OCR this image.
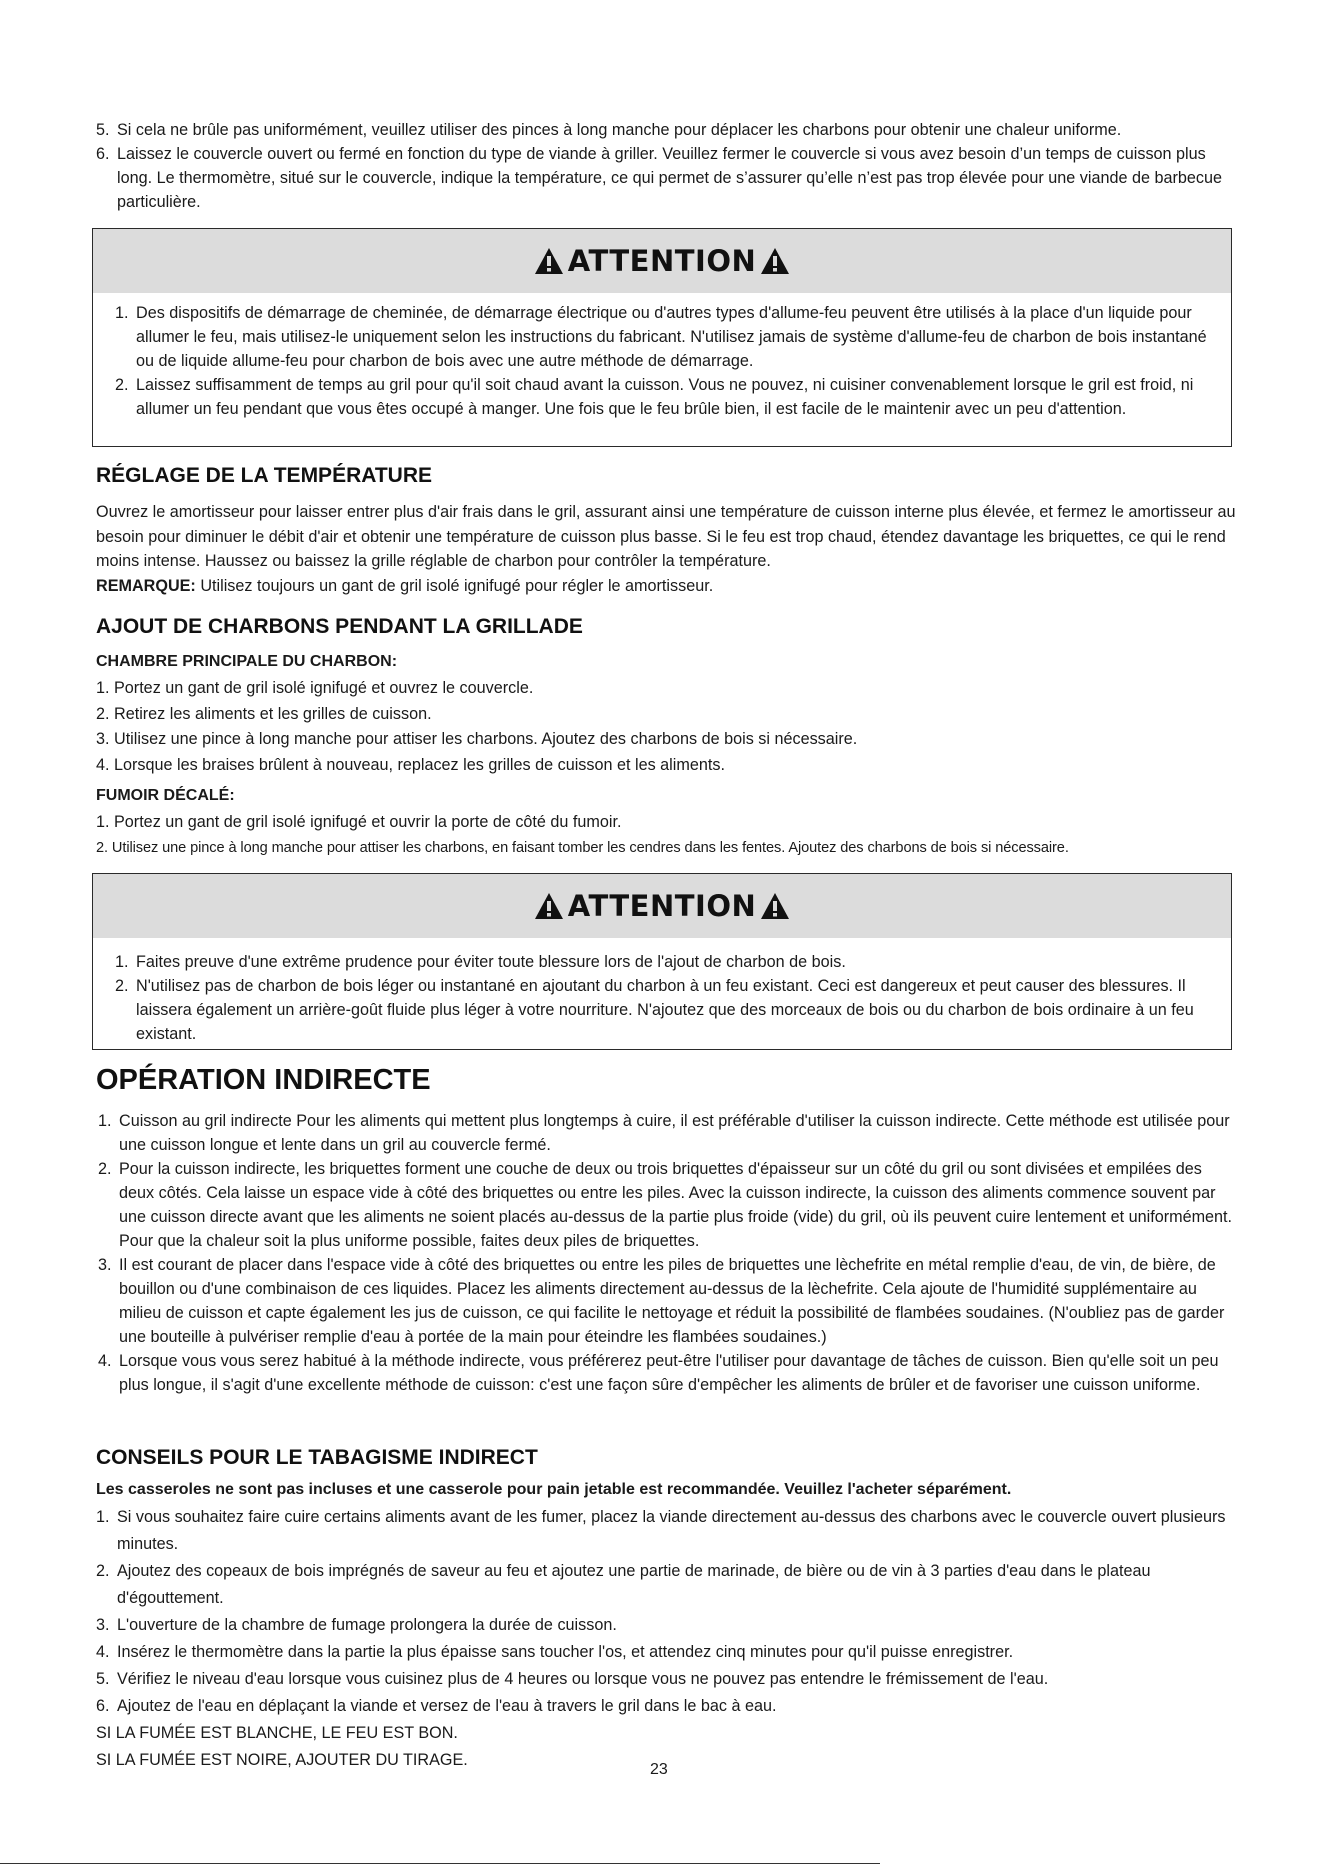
5. Si cela ne brûle pas uniformément, veuillez utiliser des pinces à long manche pour déplacer les charbons pour obtenir une chaleur uniforme.
6. Laissez le couvercle ouvert ou fermé en fonction du type de viande à griller. Veuillez fermer le couvercle si vous avez besoin d’un temps de cuisson plus long. Le thermomètre, situé sur le couvercle, indique la température, ce qui permet de s’assurer qu’elle n’est pas trop élevée pour une viande de barbecue particulière.
ATTENTION
1. Des dispositifs de démarrage de cheminée, de démarrage électrique ou d'autres types d'allume-feu peuvent être utilisés à la place d'un liquide pour allumer le feu, mais utilisez-le uniquement selon les instructions du fabricant. N'utilisez jamais de système d'allume-feu de charbon de bois instantané ou de liquide allume-feu pour charbon de bois avec une autre méthode de démarrage.
2. Laissez suffisamment de temps au gril pour qu'il soit chaud avant la cuisson. Vous ne pouvez, ni cuisiner convenablement lorsque le gril est froid, ni allumer un feu pendant que vous êtes occupé à manger. Une fois que le feu brûle bien, il est facile de le maintenir avec un peu d'attention.
RÉGLAGE DE LA TEMPÉRATURE
Ouvrez le amortisseur pour laisser entrer plus d'air frais dans le gril, assurant ainsi une température de cuisson interne plus élevée, et fermez le amortisseur au besoin pour diminuer le débit d'air et obtenir une température de cuisson plus basse. Si le feu est trop chaud, étendez davantage les briquettes, ce qui le rend moins intense. Haussez ou baissez la grille réglable de charbon pour contrôler la température.
REMARQUE: Utilisez toujours un gant de gril isolé ignifugé pour régler le amortisseur.
AJOUT DE CHARBONS PENDANT LA GRILLADE
CHAMBRE PRINCIPALE DU CHARBON:
1. Portez un gant de gril isolé ignifugé et ouvrez le couvercle.
2. Retirez les aliments et les grilles de cuisson.
3. Utilisez une pince à long manche pour attiser les charbons. Ajoutez des charbons de bois si nécessaire.
4. Lorsque les braises brûlent à nouveau, replacez les grilles de cuisson et les aliments.
FUMOIR DÉCALÉ:
1. Portez un gant de gril isolé ignifugé et ouvrir la porte de côté du fumoir.
2. Utilisez une pince à long manche pour attiser les charbons, en faisant tomber les cendres dans les fentes. Ajoutez des charbons de bois si nécessaire.
ATTENTION
1. Faites preuve d'une extrême prudence pour éviter toute blessure lors de l'ajout de charbon de bois.
2. N'utilisez pas de charbon de bois léger ou instantané en ajoutant du charbon à un feu existant. Ceci est dangereux et peut causer des blessures. Il laissera également un arrière-goût fluide plus léger à votre nourriture. N'ajoutez que des morceaux de bois ou du charbon de bois ordinaire à un feu existant.
OPÉRATION INDIRECTE
1. Cuisson au gril indirecte Pour les aliments qui mettent plus longtemps à cuire, il est préférable d'utiliser la cuisson indirecte. Cette méthode est utilisée pour une cuisson longue et lente dans un gril au couvercle fermé.
2. Pour la cuisson indirecte, les briquettes forment une couche de deux ou trois briquettes d'épaisseur sur un côté du gril ou sont divisées et empilées des deux côtés. Cela laisse un espace vide à côté des briquettes ou entre les piles. Avec la cuisson indirecte, la cuisson des aliments commence souvent par une cuisson directe avant que les aliments ne soient placés au-dessus de la partie plus froide (vide) du gril, où ils peuvent cuire lentement et uniformément. Pour que la chaleur soit la plus uniforme possible, faites deux piles de briquettes.
3. Il est courant de placer dans l'espace vide à côté des briquettes ou entre les piles de briquettes une lèchefrite en métal remplie d'eau, de vin, de bière, de bouillon ou d'une combinaison de ces liquides. Placez les aliments directement au-dessus de la lèchefrite. Cela ajoute de l'humidité supplémentaire au milieu de cuisson et capte également les jus de cuisson, ce qui facilite le nettoyage et réduit la possibilité de flambées soudaines. (N'oubliez pas de garder une bouteille à pulvériser remplie d'eau à portée de la main pour éteindre les flambées soudaines.)
4. Lorsque vous vous serez habitué à la méthode indirecte, vous préférerez peut-être l'utiliser pour davantage de tâches de cuisson. Bien qu'elle soit un peu plus longue, il s'agit d'une excellente méthode de cuisson: c'est une façon sûre d'empêcher les aliments de brûler et de favoriser une cuisson uniforme.
CONSEILS POUR LE TABAGISME INDIRECT
Les casseroles ne sont pas incluses et une casserole pour pain jetable est recommandée. Veuillez l'acheter séparément.
1. Si vous souhaitez faire cuire certains aliments avant de les fumer, placez la viande directement au-dessus des charbons avec le couvercle ouvert plusieurs minutes.
2. Ajoutez des copeaux de bois imprégnés de saveur au feu et ajoutez une partie de marinade, de bière ou de vin à 3 parties d'eau dans le plateau d'égouttement.
3. L'ouverture de la chambre de fumage prolongera la durée de cuisson.
4. Insérez le thermomètre dans la partie la plus épaisse sans toucher l'os, et attendez cinq minutes pour qu'il puisse enregistrer.
5. Vérifiez le niveau d'eau lorsque vous cuisinez plus de 4 heures ou lorsque vous ne pouvez pas entendre le frémissement de l'eau.
6. Ajoutez de l'eau en déplaçant la viande et versez de l'eau à travers le gril dans le bac à eau.
SI LA FUMÉE EST BLANCHE, LE FEU EST BON.
SI LA FUMÉE EST NOIRE, AJOUTER DU TIRAGE.
23
